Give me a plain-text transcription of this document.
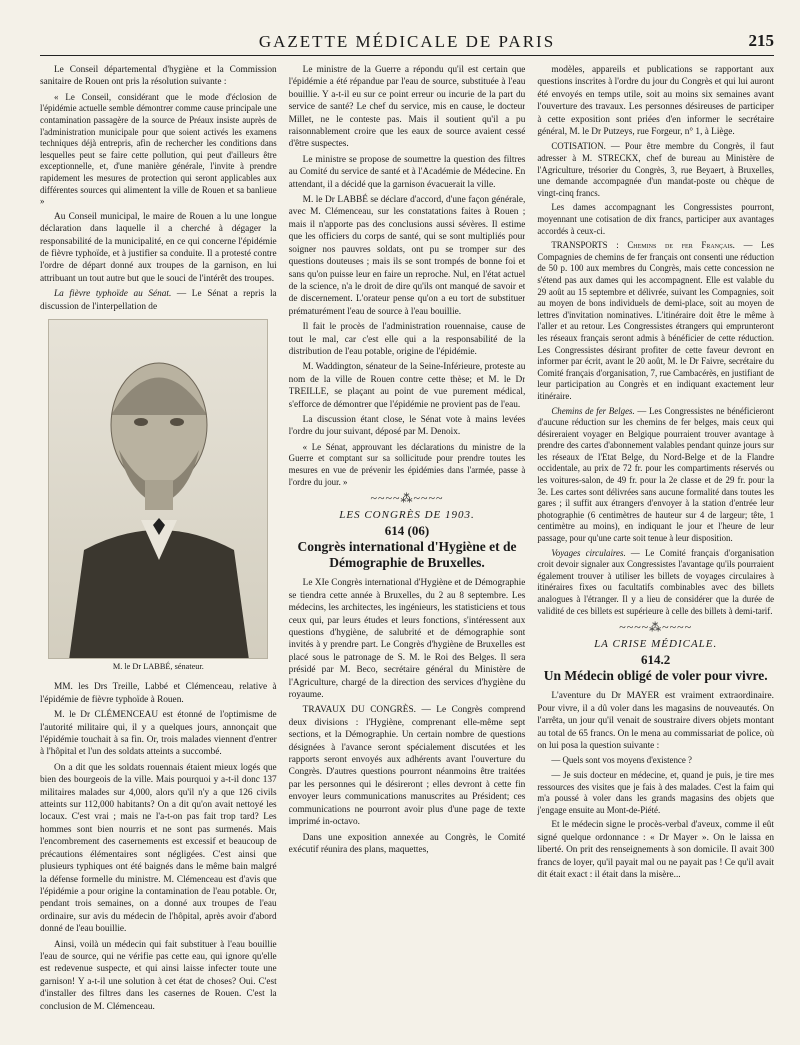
GAZETTE MÉDICALE DE PARIS	215

Le Conseil départemental d'hygiène et la Commission sanitaire de Rouen ont pris la résolution suivante :

« Le Conseil, considérant que le mode d'éclosion de l'épidémie actuelle semble démontrer comme cause principale une contamination passagère de la source de Préaux insiste auprès de l'administration municipale pour que soient activés les examens techniques déjà entrepris, afin de rechercher les conditions dans lesquelles peut se faire cette pollution, qui peut d'ailleurs être exceptionnelle, et, d'une manière générale, l'invite à prendre rapidement les mesures de protection qui seront applicables aux différentes sources qui alimentent la ville de Rouen et sa banlieue »

Au Conseil municipal, le maire de Rouen a lu une longue déclaration dans laquelle il a cherché à dégager la responsabilité de la municipalité, en ce qui concerne l'épidémie de fièvre typhoïde, et à justifier sa conduite. Il a protesté contre l'ordre de départ donné aux troupes de la garnison, en lui attribuant un tout autre but que le souci de l'intérêt des troupes.

La fièvre typhoïde au Sénat. — Le Sénat a repris la discussion de l'interpellation de

M. le Dr LABBÉ, sénateur.

MM. les Drs Treille, Labbé et Clémenceau, relative à l'épidémie de fièvre typhoïde à Rouen.

M. le Dr CLÉMENCEAU est étonné de l'optimisme de l'autorité militaire qui, il y a quelques jours, annonçait que l'épidémie touchait à sa fin. Or, trois malades viennent d'entrer à l'hôpital et l'un des soldats atteints a succombé.

On a dit que les soldats rouennais étaient mieux logés que bien des bourgeois de la ville. Mais pourquoi y a-t-il donc 137 militaires malades sur 4,000, alors qu'il n'y a que 126 civils atteints sur 112,000 habitants? On a dit qu'on avait nettoyé les locaux. C'est vrai ; mais ne l'a-t-on pas fait trop tard? Les hommes sont bien nourris et ne sont pas surmenés. Mais l'encombrement des casernements est excessif et beaucoup de précautions élémentaires sont négligées. C'est ainsi que plusieurs typhiques ont été baignés dans le même bain malgré la défense formelle du ministre. M. Clémenceau est d'avis que l'épidémie a pour origine la contamination de l'eau potable. Or, pendant trois semaines, on a donné aux troupes de l'eau ordinaire, sur avis du médecin de l'hôpital, après avoir d'abord donné de l'eau bouillie.

Ainsi, voilà un médecin qui fait substituer à l'eau bouillie l'eau de source, qui ne vérifie pas cette eau, qui ignore qu'elle est redevenue suspecte, et qui ainsi laisse infecter toute une garnison! Y a-t-il une solution à cet état de choses? Oui. C'est d'installer des filtres dans les casernes de Rouen. C'est la conclusion de M. Clémenceau.

Le ministre de la Guerre a répondu qu'il est certain que l'épidémie a été répandue par l'eau de source, substituée à l'eau bouillie. Y a-t-il eu sur ce point erreur ou incurie de la part du service de santé? Le chef du service, mis en cause, le docteur Millet, ne le conteste pas. Mais il soutient qu'il a pu raisonnablement croire que les eaux de source avaient cessé d'être suspectes.

Le ministre se propose de soumettre la question des filtres au Comité du service de santé et à l'Académie de Médecine. En attendant, il a décidé que la garnison évacuerait la ville.

M. le Dr LABBÉ se déclare d'accord, d'une façon générale, avec M. Clémenceau, sur les constatations faites à Rouen ; mais il n'apporte pas des conclusions aussi sévères. Il estime que les officiers du corps de santé, qui se sont multipliés pour soigner nos pauvres soldats, ont pu se tromper sur des questions douteuses ; mais ils se sont trompés de bonne foi et sans qu'on puisse leur en faire un reproche. Nul, en l'état actuel de la science, n'a le droit de dire qu'ils ont manqué de savoir et de discernement. L'orateur pense qu'on a eu tort de substituer prématurément l'eau de source à l'eau bouillie.

Il fait le procès de l'administration rouennaise, cause de tout le mal, car c'est elle qui a la responsabilité de la distribution de l'eau potable, origine de l'épidémie.

M. Waddington, sénateur de la Seine-Inférieure, proteste au nom de la ville de Rouen contre cette thèse; et M. le Dr TREILLE, se plaçant au point de vue purement médical, s'efforce de démontrer que l'épidémie ne provient pas de l'eau.

La discussion étant close, le Sénat vote à mains levées l'ordre du jour suivant, déposé par M. Denoix.

« Le Sénat, approuvant les déclarations du ministre de la Guerre et comptant sur sa sollicitude pour prendre toutes les mesures en vue de prévenir les épidémies dans l'armée, passe à l'ordre du jour. »

~~~~⁂~~~~
LES CONGRÈS DE 1903.
614 (06)
Congrès international d'Hygiène et de Démographie de Bruxelles.

Le XIe Congrès international d'Hygiène et de Démographie se tiendra cette année à Bruxelles, du 2 au 8 septembre. Les médecins, les architectes, les ingénieurs, les statisticiens et tous ceux qui, par leurs études et leurs fonctions, s'intéressent aux questions d'hygiène, de salubrité et de démographie sont invités à y prendre part. Le Congrès d'hygiène de Bruxelles est placé sous le patronage de S. M. le Roi des Belges. Il sera présidé par M. Beco, secrétaire général du Ministère de l'Agriculture, chargé de la direction des services d'hygiène du royaume.

TRAVAUX DU CONGRÈS. — Le Congrès comprend deux divisions : l'Hygiène, comprenant elle-même sept sections, et la Démographie. Un certain nombre de questions désignées à l'avance seront spécialement discutées et les rapports seront envoyés aux adhérents avant l'ouverture du Congrès. D'autres questions pourront néanmoins être traitées par les personnes qui le désireront ; elles devront à cette fin envoyer leurs communications manuscrites au Président; ces communications ne pourront avoir plus d'une page de texte imprimé in-octavo.

Dans une exposition annexée au Congrès, le Comité exécutif réunira des plans, maquettes,

modèles, appareils et publications se rapportant aux questions inscrites à l'ordre du jour du Congrès et qui lui auront été envoyés en temps utile, soit au moins six semaines avant l'ouverture des travaux. Les personnes désireuses de participer à cette exposition sont priées d'en informer le secrétaire général, M. le Dr Putzeys, rue Forgeur, n° 1, à Liège.

COTISATION. — Pour être membre du Congrès, il faut adresser à M. STRECKX, chef de bureau au Ministère de l'Agriculture, trésorier du Congrès, 3, rue Beyaert, à Bruxelles, une demande accompagnée d'un mandat-poste ou chèque de vingt-cinq francs.

Les dames accompagnant les Congressistes pourront, moyennant une cotisation de dix francs, participer aux avantages accordés à ceux-ci.

TRANSPORTS : Chemins de fer Français. — Les Compagnies de chemins de fer français ont consenti une réduction de 50 p. 100 aux membres du Congrès, mais cette concession ne s'étend pas aux dames qui les accompagnent. Elle est valable du 29 août au 15 septembre et délivrée, suivant les Compagnies, soit au moyen de bons individuels de demi-place, soit au moyen de lettres d'invitation nominatives. L'itinéraire doit être le même à l'aller et au retour. Les Congressistes étrangers qui emprunteront les réseaux français seront admis à bénéficier de cette réduction. Les Congressistes désirant profiter de cette faveur devront en informer par écrit, avant le 20 août, M. le Dr Faivre, secrétaire du Comité français d'organisation, 7, rue Cambacérès, en justifiant de leur participation au Congrès et en indiquant exactement leur itinéraire.

Chemins de fer Belges. — Les Congressistes ne bénéficieront d'aucune réduction sur les chemins de fer belges, mais ceux qui désireraient voyager en Belgique pourraient trouver avantage à prendre des cartes d'abonnement valables pendant quinze jours sur les réseaux de l'Etat Belge, du Nord-Belge et de la Flandre occidentale, au prix de 72 fr. pour les compartiments réservés ou les voitures-salon, de 49 fr. pour la 2e classe et de 29 fr. pour la 3e. Les cartes sont délivrées sans aucune formalité dans toutes les gares ; il suffit aux étrangers d'envoyer à la station d'entrée leur photographie (6 centimètres de hauteur sur 4 de largeur; tête, 1 centimètre au moins), en indiquant le jour et l'heure de leur passage, pour qu'une carte soit tenue à leur disposition.

Voyages circulaires. — Le Comité français d'organisation croit devoir signaler aux Congressistes l'avantage qu'ils pourraient également trouver à utiliser les billets de voyages circulaires à itinéraires fixes ou facultatifs combinables avec des billets analogues à l'étranger. Il y a lieu de considérer que la durée de validité de ces billets est supérieure à celle des billets à demi-tarif.

~~~~⁂~~~~
LA CRISE MÉDICALE.
614.2
Un Médecin obligé de voler pour vivre.

L'aventure du Dr MAYER est vraiment extraordinaire. Pour vivre, il a dû voler dans les magasins de nouveautés. On l'arrêta, un jour qu'il venait de soustraire divers objets montant au total de 65 francs. On le mena au commissariat de police, où on lui posa la question suivante :

— Quels sont vos moyens d'existence ?

— Je suis docteur en médecine, et, quand je puis, je tire mes ressources des visites que je fais à des malades. C'est la faim qui m'a poussé à voler dans les grands magasins des objets que j'engage ensuite au Mont-de-Piété.

Et le médecin signe le procès-verbal d'aveux, comme il eût signé quelque ordonnance : « Dr Mayer ». On le laissa en liberté. On prit des renseignements à son domicile. Il avait 300 francs de loyer, qu'il payait mal ou ne payait pas ! Ce qu'il avait dit était exact : il était dans la misère...
